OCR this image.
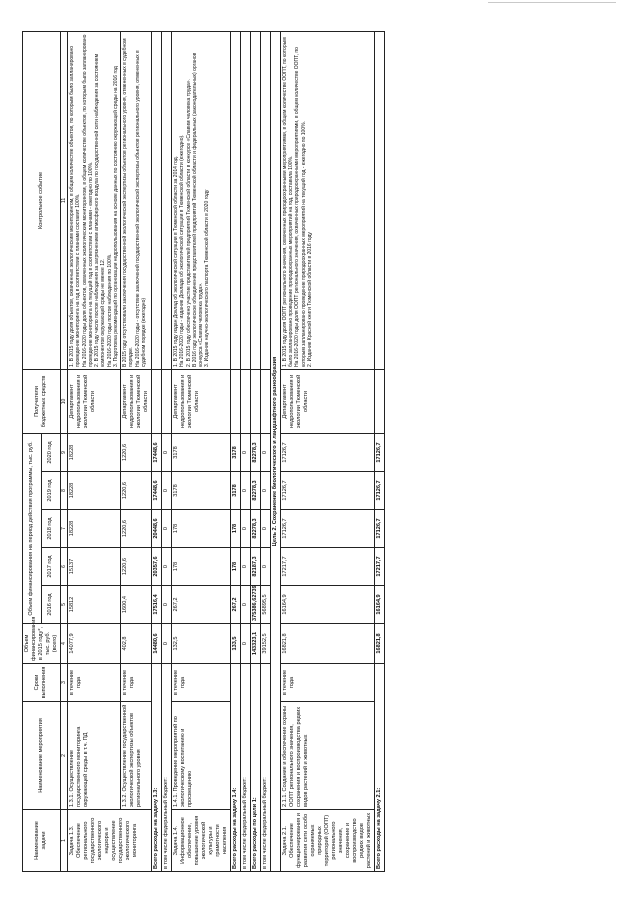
Наименование задачи	Наименование мероприятия	Сроки выполнения	Объем финансирования в 2015 году*, тыс. руб. (всего)	Объем финансирования на период действия программы, тыс. руб.					Получатели бюджетных средств	Контрольное событие
				2016 год	2017 год	2018 год	2019 год	2020 год		
1	2	3	4	5	6	7	8	9	10	11
Задача 1.3. Обеспечение регионального государственного экологического надзора и осуществление государственного экологического мониторинга	1.3.1. Осуществление государственного мониторинга окружающей среды в т.ч. ПД	в течение года	14077,9	15812	15137	18228	18228	18228	Департамент недропользования и экологии Тюменской области	1. В 2015 году доля объектов, охваченных экологическим мониторингом, в общем количестве объектов, по которым было запланировано проведение мониторинга на год в соответствии с планами составит 100%.
На 2016-2020 годы доля объектов, охваченных экологическим мониторингом, в общем количестве объектов, по которым было запланировано проведение мониторинга на текущий год в соответствии с планами - ежегодно по 100%.
2. В 2015 году число постов наблюдения за загрязнением атмосферного воздуха по государственной сети наблюдения за состоянием компонентов окружающей среды не менее 12.
На 2016-2020 годы постов наблюдения по 100%.
3. Подготовка рекомендаций по организации недропользования на основе данных по состоянию окружающей среды на 2016 год
	1.3.2. Осуществление государственной экологической экспертизы объектов регионального уровня	в течение года	402,8	1600,4	1220,6	1220,6	1220,6	1220,6	Департамент недропользования и экологии Тюменской области	В 2015 году отсутствовали заключения государственной экологической экспертизы объектов регионального уровня, отмененных в судебном порядке.
На 2016-2020 годы - отсутствие заключений государственной экологической экспертизы объектов регионального уровня, отмененных в судебном порядке (ежегодно)
Всего расходы на задачу 1.3:			14480,6	17516,4	20357,6	20448,6	17448,6	17448,6		
в том числе федеральный бюджет:			0	0	0	0	0	0		
Задача 1.4. Информационное обеспечение, повышение уровня экологической культуры и грамотности населения	1.4.1. Проведение мероприятий по экологическому воспитанию и просвещению	в течение года	132,5	267,2	178	178	3178	3178	Департамент недропользования и экологии Тюменской области	1. В 2015 году издан Доклад об экологической ситуации в Тюменской области за 2014 год.
На 2016-2020 годы - издание Доклада об экологической ситуации в Тюменской области (ежегодно).
2. В 2015 году обеспечено участие представителей предприятий Тюменской области в конкурсе «Славим человека труда».
В 2016 году экологическое объединение представителей предприятий Тюменской области и федеральных (законодательных) органов конкурса «Славим человека труда».
3. Издание научно-экологического паспорта Тюменской области в 2020 году
Всего расходы на задачу 1.4:			133,5	267,2	178	178	3178	3178		
в том числе федеральный бюджет:			0	0	0	0	0	0		
Всего расходы по цели 1:			143323,1	375386,62739	82187,3	82278,3	82278,3	82278,3		
в том числе федеральный бюджет:			39152,5	56895,5	0	0	0	0		
Цель 2. Сохранение биологического и ландшафтного разнообразия										
Задача 2.1. Обеспечение функционирования и развития сети особо охраняемых природных территорий (ООПТ) регионального значения, сохранение и воспроизводство редких видов растений и животных	2.1.1. Создание и обеспечение охраны ООПТ регионального значения, сохранения и воспроизводства редких видов растений и животных	в течение года	16821,8	16164,9	17217,7	17126,7	17126,7	17126,7	Департамент недропользования и экологии Тюменской области	1. В 2015 году доля ООПТ регионального значения, охваченных природоохранными мероприятиями, в общем количестве ООПТ, по которым было запланировано проведение природоохранных мероприятий на год, составила 100%.
На 2016-2020 годы доля ООПТ регионального значения, охваченных природоохранными мероприятиями, в общем количестве ООПТ, по которым запланировано проведение природоохранных мероприятий на текущий год - ежегодно по 100%.
2. Издание Красной книги Тюменской области в 2016 году
Всего расходы на задачу 2.1:			16821,8	16164,9	17217,7	17126,7	17126,7	17126,7		
